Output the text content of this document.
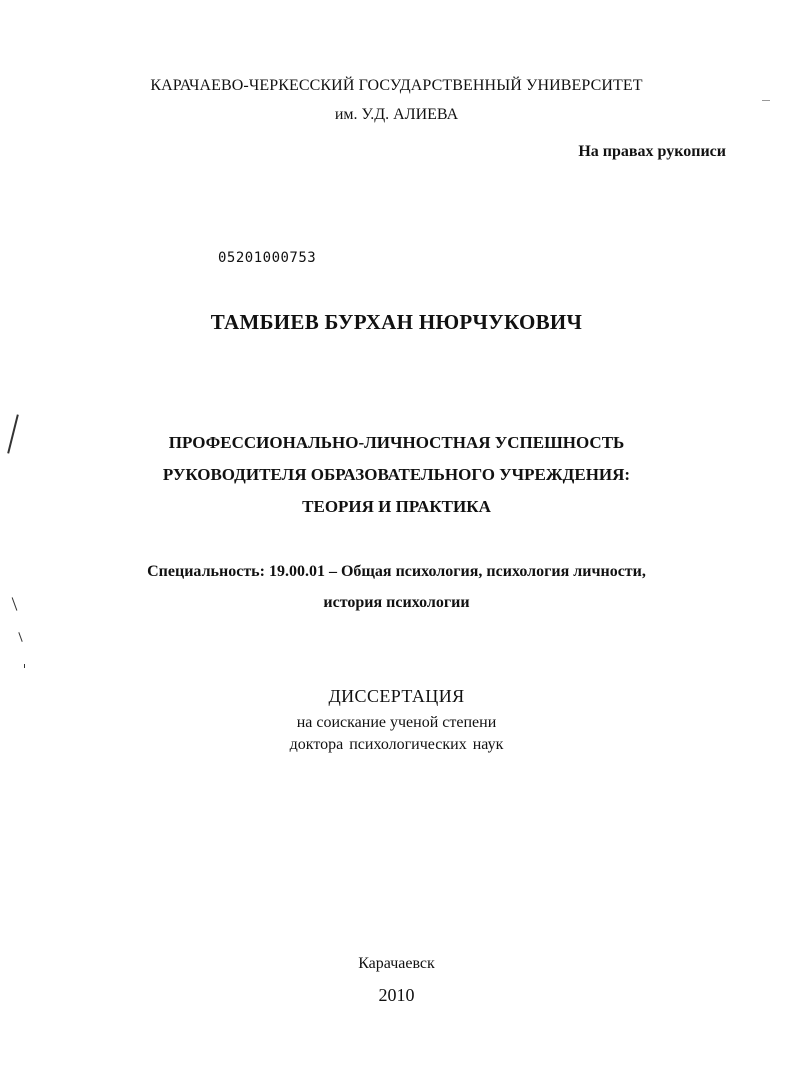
КАРАЧАЕВО-ЧЕРКЕССКИЙ ГОСУДАРСТВЕННЫЙ УНИВЕРСИТЕТ
им. У.Д. АЛИЕВА
На правах рукописи
05201000753
ТАМБИЕВ БУРХАН НЮРЧУКОВИЧ
ПРОФЕССИОНАЛЬНО-ЛИЧНОСТНАЯ УСПЕШНОСТЬ
РУКОВОДИТЕЛЯ ОБРАЗОВАТЕЛЬНОГО УЧРЕЖДЕНИЯ:
ТЕОРИЯ И ПРАКТИКА
Специальность: 19.00.01 – Общая психология, психология личности,
история психологии
ДИССЕРТАЦИЯ
на соискание ученой степени
доктора психологических наук
Карачаевск
2010
